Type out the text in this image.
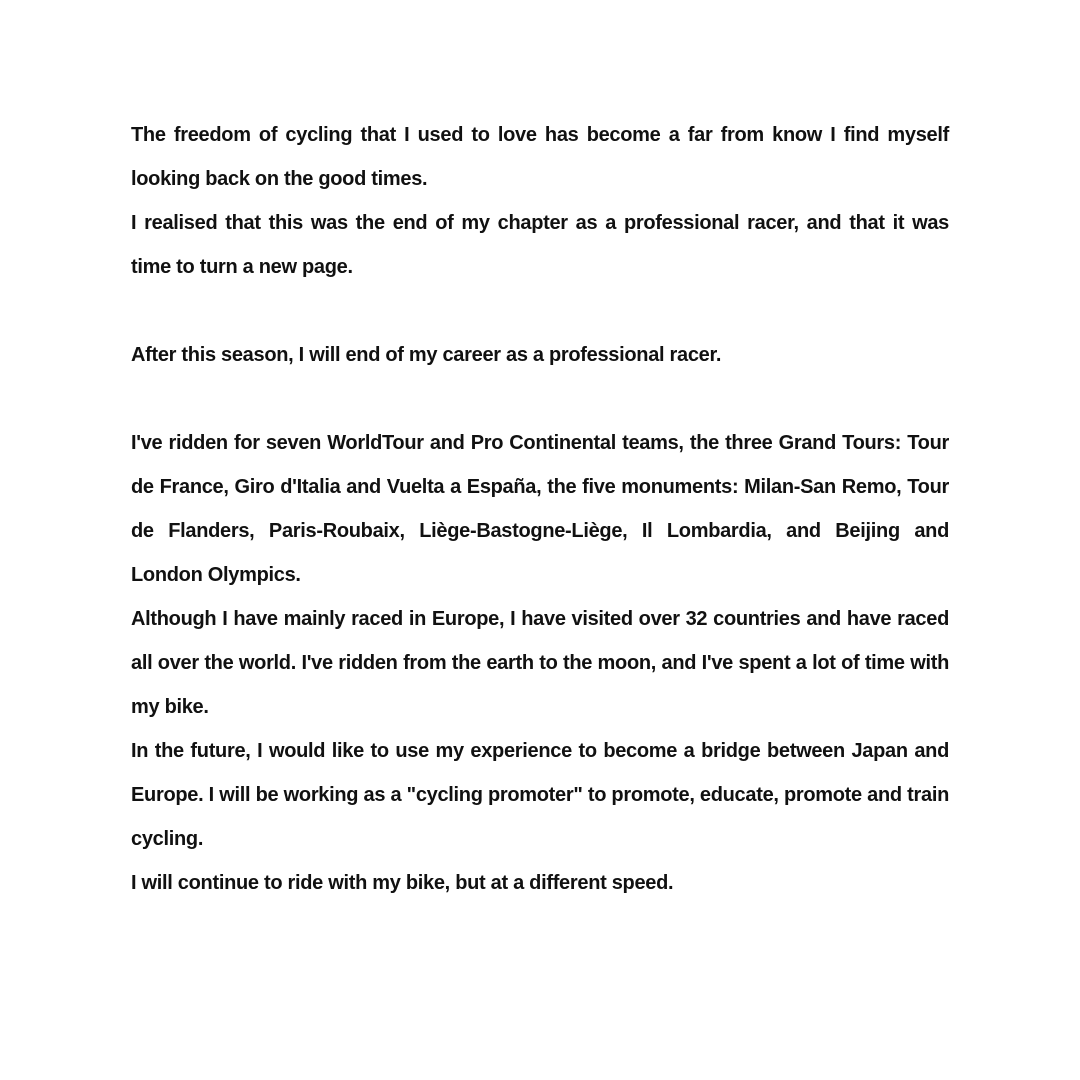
The freedom of cycling that I used to love has become a far from know I find myself looking back on the good times.

I realised that this was the end of my chapter as a professional racer, and that it was time to turn a new page.

After this season, I will end of my career as a professional racer.

I've ridden for seven WorldTour and Pro Continental teams, the three Grand Tours: Tour de France, Giro d'Italia and Vuelta a España, the five monuments: Milan-San Remo, Tour de Flanders, Paris-Roubaix, Liège-Bastogne-Liège, Il Lombardia, and Beijing and London Olympics.

Although I have mainly raced in Europe, I have visited over 32 countries and have raced all over the world. I've ridden from the earth to the moon, and I've spent a lot of time with my bike.

In the future, I would like to use my experience to become a bridge between Japan and Europe. I will be working as a "cycling promoter" to promote, educate, promote and train cycling.

I will continue to ride with my bike, but at a different speed.
